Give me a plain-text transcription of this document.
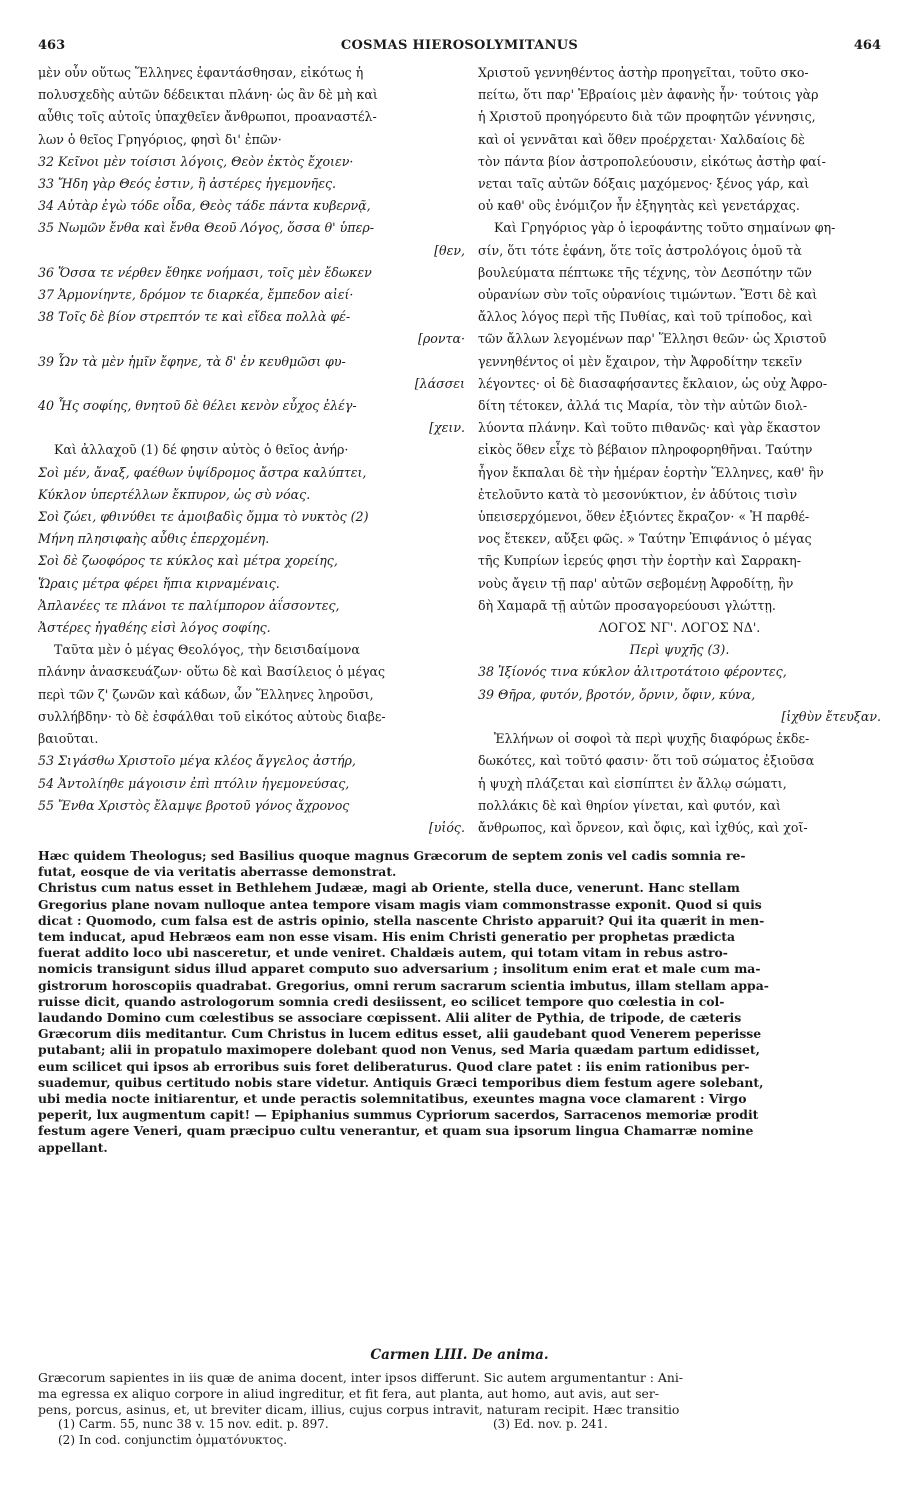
463	COSMAS HIEROSOLYMITANUS	464
μὲν οὖν οὕτως Ἕλληνες ἐφαντάσθησαν, εἰκότως ἡ
πολυσχεδὴς αὐτῶν δέδεικται πλάνη· ὡς ἂν δὲ μὴ καὶ
αὖθις τοῖς αὐτοῖς ὑπαχθεῖεν ἄνθρωποι, προαναστέλ-
λων ὁ θεῖος Γρηγόριος, φησὶ δι' ἐπῶν·
32 Κεῖνοι μὲν τοίσισι λόγοις, Θεὸν ἐκτὸς ἔχοιεν·
33 Ἤδη γὰρ Θεός ἐστιν, ἢ ἀστέρες ἡγεμονῆες.
34 Αὐτὰρ ἐγὼ τόδε οἶδα, Θεὸς τάδε πάντα κυβερνᾷ,
35 Νωμῶν ἔνθα καὶ ἔνθα Θεοῦ Λόγος, ὅσσα θ' ὑπερ-
[θεν,
36 Ὅσσα τε νέρθεν ἔθηκε νοήμασι, τοῖς μὲν ἔδωκεν
37 Ἁρμονίηντε, δρόμον τε διαρκέα, ἔμπεδον αἰεί·
38 Τοῖς δὲ βίον στρεπτόν τε καὶ εἴδεα πολλὰ φέ-
[ροντα·
39 Ὧν τὰ μὲν ἡμῖν ἔφηνε, τὰ δ' ἐν κευθμῶσι φυ-
[λάσσει
40 Ἧς σοφίης, θνητοῦ δὲ θέλει κενὸν εὖχος ἐλέγ-
[χειν.
Καὶ ἀλλαχοῦ (1) δέ φησιν αὐτὸς ὁ θεῖος ἀνήρ·
Σοὶ μέν, ἄναξ, φαέθων ὑψίδρομος ἄστρα καλύπτει,
Κύκλον ὑπερτέλλων ἔκπυρον, ὡς σὺ νόας.
Σοὶ ζώει, φθινύθει τε ἀμοιβαδὶς ὄμμα τὸ νυκτὸς (2)
Μήνη πλησιφαὴς αὖθις ἐπερχομένη.
Σοὶ δὲ ζωοφόρος τε κύκλος καὶ μέτρα χορείης,
Ὥραις μέτρα φέρει ἤπια κιρναμέναις.
Ἀπλανέες τε πλάνοι τε παλίμπορον ἀΐσσοντες,
Ἀστέρες ἠγαθέης εἰσὶ λόγος σοφίης.
Ταῦτα μὲν ὁ μέγας Θεολόγος, τὴν δεισιδαίμονα
πλάνην ἀνασκευάζων· οὕτω δὲ καὶ Βασίλειος ὁ μέγας
περὶ τῶν ζ' ζωνῶν καὶ κάδων, ὧν Ἕλληνες ληροῦσι,
συλλήβδην· τὸ δὲ ἐσφάλθαι τοῦ εἰκότος αὐτοὺς διαβε-
βαιοῦται.
53 Σιγάσθω Χριστοῖο μέγα κλέος ἄγγελος ἀστήρ,
54 Ἀντολίηθε μάγοισιν ἐπὶ πτόλιν ἡγεμονεύσας,
55 Ἔνθα Χριστὸς ἔλαμψε βροτοῦ γόνος ἄχρονος
[υἱός.
Χριστοῦ γεννηθέντος ἀστὴρ προηγεῖται, τοῦτο σκο-
πείτω, ὅτι παρ' Ἑβραίοις μὲν ἀφανὴς ἦν· τούτοις γὰρ
ἡ Χριστοῦ προηγόρευτο διὰ τῶν προφητῶν γέννησις,
καὶ οἱ γεννᾶται καὶ ὅθεν προέρχεται· Χαλδαίοις δὲ
τὸν πάντα βίον ἀστροπολεύουσιν, εἰκότως ἀστὴρ φαί-
νεται ταῖς αὐτῶν δόξαις μαχόμενος· ξένος γάρ, καὶ
οὐ καθ' οὓς ἐνόμιζον ἦν ἐξηγητὰς κεὶ γενετάρχας.
Καὶ Γρηγόριος γὰρ ὁ ἱεροφάντης τοῦτο σημαίνων φη-
σίν, ὅτι τότε ἐφάνη, ὅτε τοῖς ἀστρολόγοις ὁμοῦ τὰ
βουλεύματα πέπτωκε τῆς τέχνης, τὸν Δεσπότην τῶν
οὐρανίων σὺν τοῖς οὐρανίοις τιμώντων. Ἔστι δὲ καὶ
ἄλλος λόγος περὶ τῆς Πυθίας, καὶ τοῦ τρίποδος, καὶ
τῶν ἄλλων λεγομένων παρ' Ἕλλησι θεῶν· ὡς Χριστοῦ
γεννηθέντος οἱ μὲν ἔχαιρον, τὴν Ἀφροδίτην τεκεῖν
λέγοντες· οἱ δὲ διασαφήσαντες ἔκλαιον, ὡς οὐχ Ἀφρο-
δίτη τέτοκεν, ἀλλά τις Μαρία, τὸν τὴν αὐτῶν διολ-
λύοντα πλάνην. Καὶ τοῦτο πιθανῶς· καὶ γὰρ ἕκαστον
εἰκὸς ὅθεν εἶχε τὸ βέβαιον πληροφορηθῆναι. Ταύτην
ἦγον ἔκπαλαι δὲ τὴν ἡμέραν ἑορτὴν Ἕλληνες, καθ' ἣν
ἐτελοῦντο κατὰ τὸ μεσονύκτιον, ἐν ἀδύτοις τισὶν
ὑπεισερχόμενοι, ὅθεν ἐξιόντες ἔκραζον· « Ἡ παρθέ-
νος ἔτεκεν, αὔξει φῶς. » Ταύτην Ἐπιφάνιος ὁ μέγας
τῆς Κυπρίων ἱερεύς φησι τὴν ἑορτὴν καὶ Σαρρακη-
νοὺς ἄγειν τῇ παρ' αὐτῶν σεβομένῃ Ἀφροδίτῃ, ἣν
δὴ Χαμαρᾶ τῇ αὐτῶν προσαγορεύουσι γλώττῃ.
ΛΟΓΟΣ ΝΓ'. ΛΟΓΟΣ ΝΔ'.
Περὶ ψυχῆς (3).
38 Ἰξίονός τινα κύκλον ἀλιτροτάτοιο φέροντες,
39 Θῆρα, φυτόν, βροτόν, ὄρνιν, ὄφιν, κύνα,
[ἰχθὺν ἔτευξαν.
Ἑλλήνων οἱ σοφοὶ τὰ περὶ ψυχῆς διαφόρως ἐκδε-
δωκότες, καὶ τοῦτό φασιν· ὅτι τοῦ σώματος ἐξιοῦσα
ἡ ψυχὴ πλάζεται καὶ εἰσπίπτει ἐν ἄλλῳ σώματι,
πολλάκις δὲ καὶ θηρίον γίνεται, καὶ φυτόν, καὶ
ἄνθρωπος, καὶ ὄρνεον, καὶ ὄφις, καὶ ἰχθύς, καὶ χοῖ-
Hæc quidem Theologus; sed Basilius quoque magnus Græcorum de septem zonis vel cadis somnia re-
futat, eosque de via veritatis aberrasse demonstrat.
Christus cum natus esset in Bethlehem Judææ, magi ab Oriente, stella duce, venerunt. Hanc stellam
Gregorius plane novam nulloque antea tempore visam magis viam commonstrasse exponit. Quod si quis
dicat : Quomodo, cum falsa est de astris opinio, stella nascente Christo apparuit? Qui ita quærit in men-
tem inducat, apud Hebræos eam non esse visam. His enim Christi generatio per prophetas prædicta
fuerat addito loco ubi nasceretur, et unde veniret. Chaldæis autem, qui totam vitam in rebus astro-
nomicis transigunt sidus illud apparet computo suo adversarium ; insolitum enim erat et male cum ma-
gistrorum horoscopiis quadrabat. Gregorius, omni rerum sacrarum scientia imbutus, illam stellam appa-
ruisse dicit, quando astrologorum somnia credi desiissent, eo scilicet tempore quo cœlestia in col-
laudando Domino cum cœlestibus se associare cœpissent. Alii aliter de Pythia, de tripode, de cæteris
Græcorum diis meditantur. Cum Christus in lucem editus esset, alii gaudebant quod Venerem peperisse
putabant; alii in propatulo maximopere dolebant quod non Venus, sed Maria quædam partum edidisset,
eum scilicet qui ipsos ab erroribus suis foret deliberaturus. Quod clare patet : iis enim rationibus per-
suademur, quibus certitudo nobis stare videtur. Antiquis Græci temporibus diem festum agere solebant,
ubi media nocte initiarentur, et unde peractis solemnitatibus, exeuntes magna voce clamarent : Virgo
peperit, lux augmentum capit! — Epiphanius summus Cypriorum sacerdos, Sarracenos memoriæ prodit
festum agere Veneri, quam præcipuo cultu venerantur, et quam sua ipsorum lingua Chamarræ nomine
appellant.
Carmen LIII. De anima.
Græcorum sapientes in iis quæ de anima docent, inter ipsos differunt. Sic autem argumentantur : Ani-
ma egressa ex aliquo corpore in aliud ingreditur, et fit fera, aut planta, aut homo, aut avis, aut ser-
pens, porcus, asinus, et, ut breviter dicam, illius, cujus corpus intravit, naturam recipit. Hæc transitio
(1) Carm. 55, nunc 38 v. 15 nov. edit. p. 897.
(2) In cod. conjunctim ὀμματόνυκτος.
(3) Ed. nov. p. 241.
